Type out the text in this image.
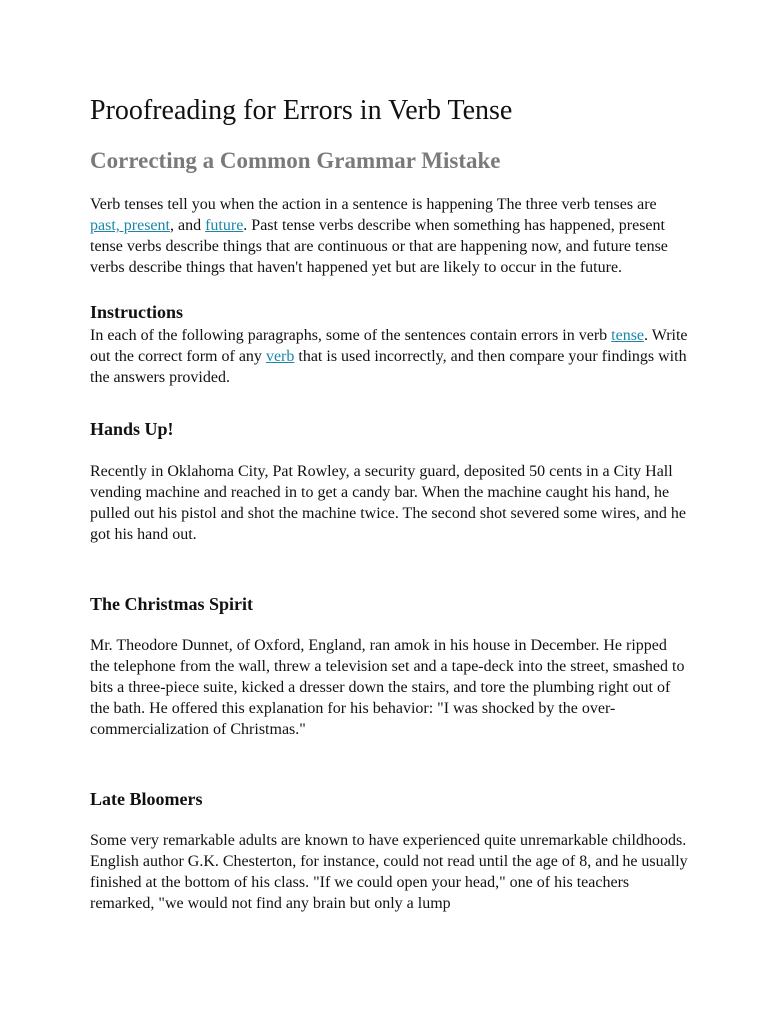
Proofreading for Errors in Verb Tense
Correcting a Common Grammar Mistake

Verb tenses tell you when the action in a sentence is happening The three verb tenses are past, present, and future. Past tense verbs describe when something has happened, present tense verbs describe things that are continuous or that are happening now, and future tense verbs describe things that haven't happened yet but are likely to occur in the future.

Instructions

In each of the following paragraphs, some of the sentences contain errors in verb tense. Write out the correct form of any verb that is used incorrectly, and then compare your findings with the answers provided.

Hands Up!

Recently in Oklahoma City, Pat Rowley, a security guard, deposited 50 cents in a City Hall vending machine and reached in to get a candy bar. When the machine caught his hand, he pulled out his pistol and shot the machine twice. The second shot severed some wires, and he got his hand out.

The Christmas Spirit

Mr. Theodore Dunnet, of Oxford, England, ran amok in his house in December. He ripped the telephone from the wall, threw a television set and a tape-deck into the street, smashed to bits a three-piece suite, kicked a dresser down the stairs, and tore the plumbing right out of the bath. He offered this explanation for his behavior: "I was shocked by the over-commercialization of Christmas."

Late Bloomers

Some very remarkable adults are known to have experienced quite unremarkable childhoods. English author G.K. Chesterton, for instance, could not read until the age of 8, and he usually finished at the bottom of his class. "If we could open your head," one of his teachers remarked, "we would not find any brain but only a lump
